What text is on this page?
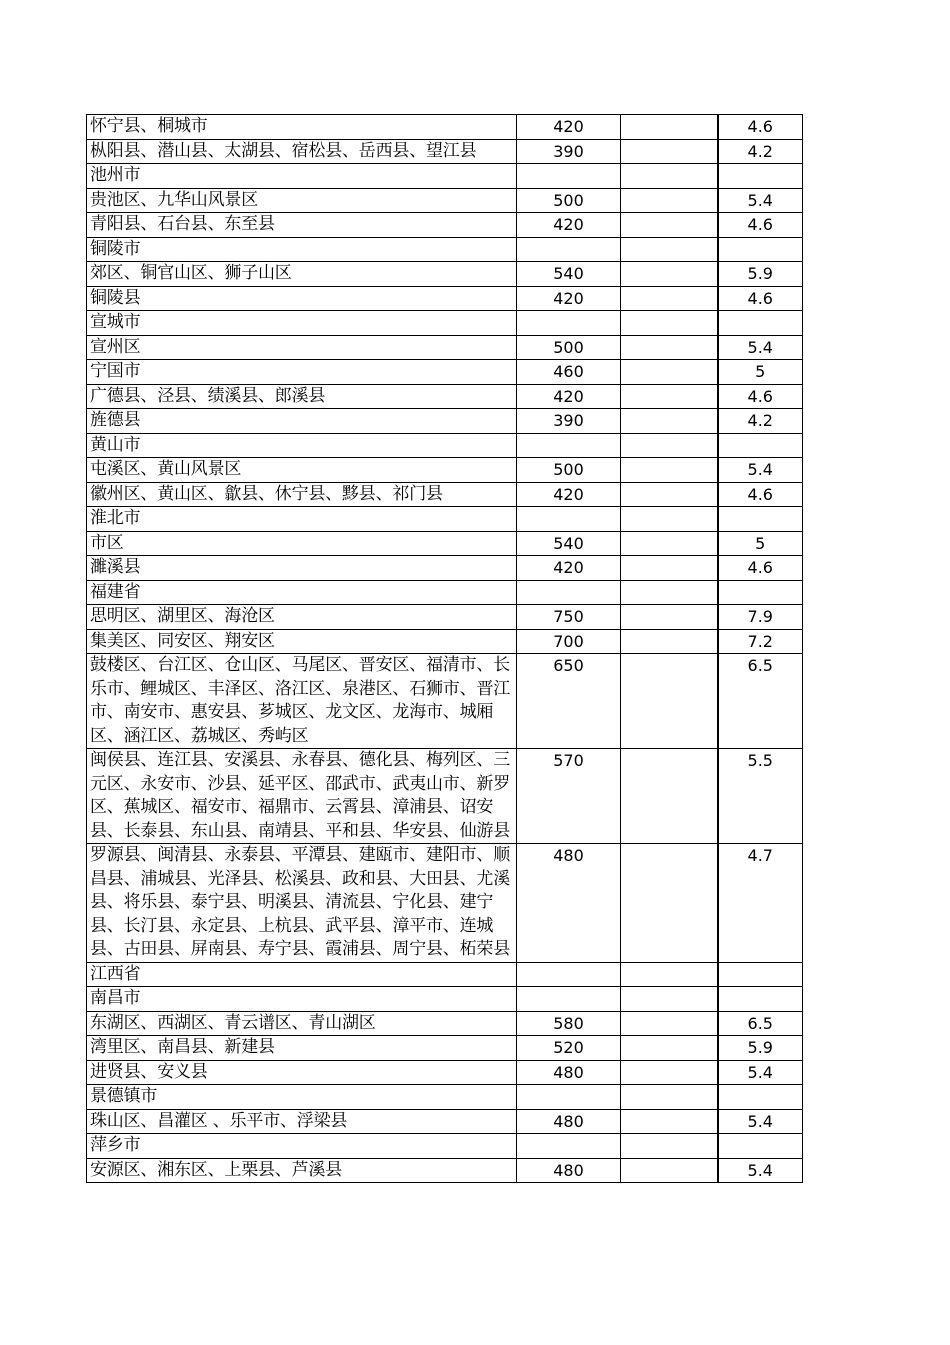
怀宁县、桐城市	420		4.6
枞阳县、潜山县、太湖县、宿松县、岳西县、望江县	390		4.2
池州市			
贵池区、九华山风景区	500		5.4
青阳县、石台县、东至县	420		4.6
铜陵市			
郊区、铜官山区、狮子山区	540		5.9
铜陵县	420		4.6
宣城市			
宣州区	500		5.4
宁国市	460		5
广德县、泾县、绩溪县、郎溪县	420		4.6
旌德县	390		4.2
黄山市			
屯溪区、黄山风景区	500		5.4
徽州区、黄山区、歙县、休宁县、黟县、祁门县	420		4.6
淮北市			
市区	540		5
濉溪县	420		4.6
福建省			
思明区、湖里区、海沧区	750		7.9
集美区、同安区、翔安区	700		7.2
鼓楼区、台江区、仓山区、马尾区、晋安区、福清市、长乐市、鲤城区、丰泽区、洛江区、泉港区、石狮市、晋江市、南安市、惠安县、芗城区、龙文区、龙海市、城厢区、涵江区、荔城区、秀屿区	650		6.5
闽侯县、连江县、安溪县、永春县、德化县、梅列区、三元区、永安市、沙县、延平区、邵武市、武夷山市、新罗区、蕉城区、福安市、福鼎市、云霄县、漳浦县、诏安县、长泰县、东山县、南靖县、平和县、华安县、仙游县	570		5.5
罗源县、闽清县、永泰县、平潭县、建瓯市、建阳市、顺昌县、浦城县、光泽县、松溪县、政和县、大田县、尤溪县、将乐县、泰宁县、明溪县、清流县、宁化县、建宁县、长汀县、永定县、上杭县、武平县、漳平市、连城县、古田县、屏南县、寿宁县、霞浦县、周宁县、柘荣县	480		4.7
江西省			
南昌市			
东湖区、西湖区、青云谱区、青山湖区	580		6.5
湾里区、南昌县、新建县	520		5.9
进贤县、安义县	480		5.4
景德镇市			
珠山区、昌灌区 、乐平市、浮梁县	480		5.4
萍乡市			
安源区、湘东区、上栗县、芦溪县	480		5.4
